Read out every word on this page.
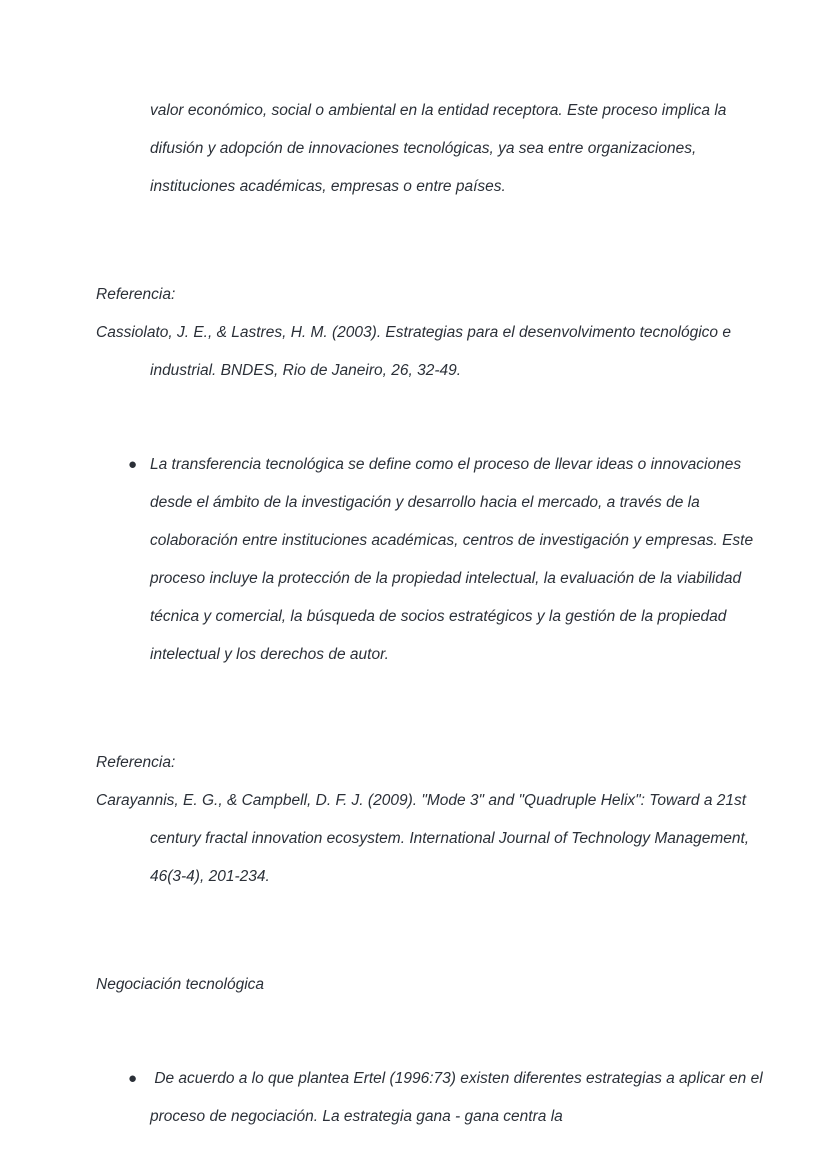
valor económico, social o ambiental en la entidad receptora. Este proceso implica la difusión y adopción de innovaciones tecnológicas, ya sea entre organizaciones, instituciones académicas, empresas o entre países.

Referencia:

Cassiolato, J. E., & Lastres, H. M. (2003). Estrategias para el desenvolvimento tecnológico e industrial. BNDES, Rio de Janeiro, 26, 32-49.

● La transferencia tecnológica se define como el proceso de llevar ideas o innovaciones desde el ámbito de la investigación y desarrollo hacia el mercado, a través de la colaboración entre instituciones académicas, centros de investigación y empresas. Este proceso incluye la protección de la propiedad intelectual, la evaluación de la viabilidad técnica y comercial, la búsqueda de socios estratégicos y la gestión de la propiedad intelectual y los derechos de autor.

Referencia:

Carayannis, E. G., & Campbell, D. F. J. (2009). "Mode 3" and "Quadruple Helix": Toward a 21st century fractal innovation ecosystem. International Journal of Technology Management, 46(3-4), 201-234.

Negociación tecnológica

● De acuerdo a lo que plantea Ertel (1996:73) existen diferentes estrategias a aplicar en el proceso de negociación. La estrategia gana - gana centra la
